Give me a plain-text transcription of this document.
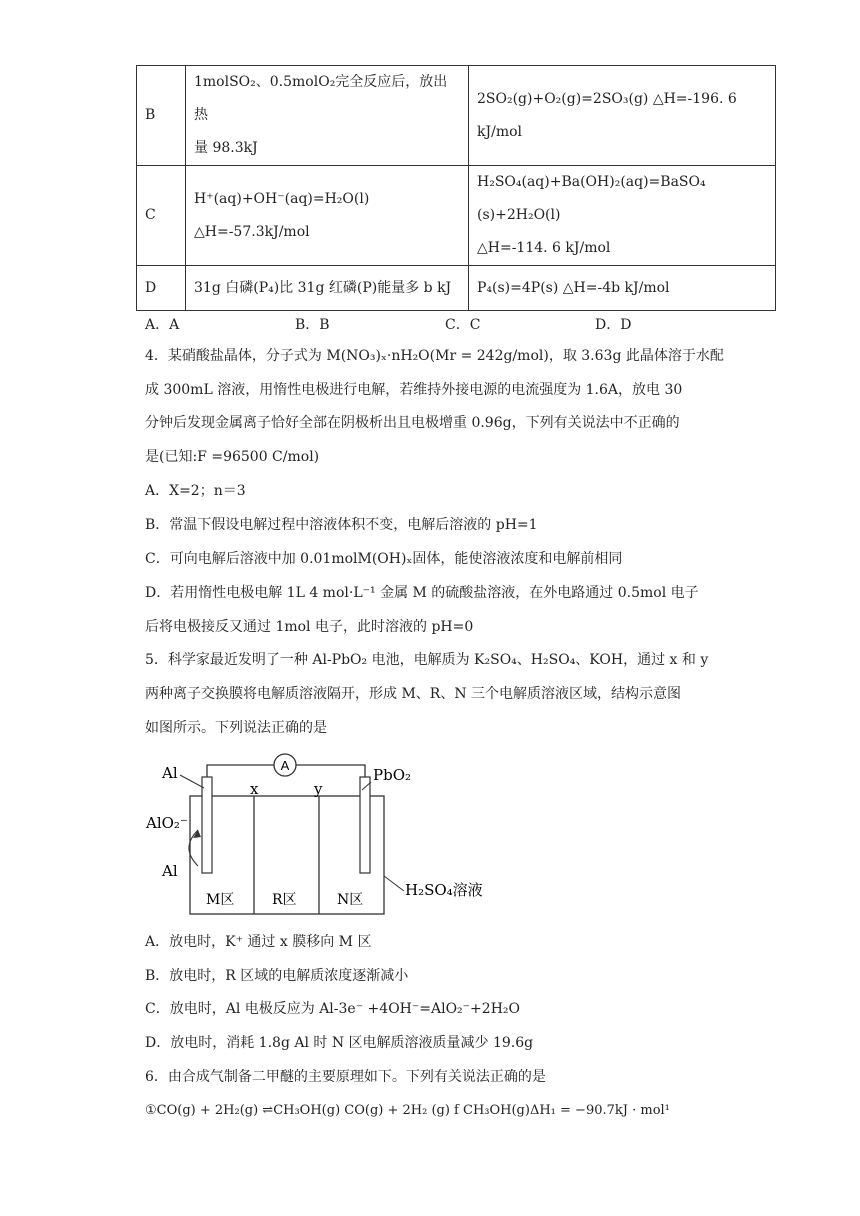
B	1molSO₂、0.5molO₂完全反应后，放出热
量 98.3kJ	2SO₂(g)+O₂(g)=2SO₃(g) △H=-196. 6 kJ/mol
C	H⁺(aq)+OH⁻(aq)=H₂O(l) △H=-57.3kJ/mol	H₂SO₄(aq)+Ba(OH)₂(aq)=BaSO₄ (s)+2H₂O(l)
△H=-114. 6 kJ/mol

D	31g 白磷(P₄)比 31g 红磷(P)能量多 b kJ	P₄(s)=4P(s) △H=-4b kJ/mol
A．A	B．B	C．C	D．D
4．某硝酸盐晶体，分子式为 M(NO₃)ₓ·nH₂O(Mr = 242g/mol)，取 3.63g 此晶体溶于水配
成 300mL 溶液，用惰性电极进行电解，若维持外接电源的电流强度为 1.6A，放电 30
分钟后发现金属离子恰好全部在阴极析出且电极增重 0.96g，下列有关说法中不正确的
是(已知:F =96500 C/mol)
A．X=2；n＝3
B．常温下假设电解过程中溶液体积不变，电解后溶液的 pH=1
C．可向电解后溶液中加 0.01molM(OH)ₓ固体，能使溶液浓度和电解前相同
D．若用惰性电极电解 1L 4 mol·L⁻¹ 金属 M 的硫酸盐溶液，在外电路通过 0.5mol 电子
后将电极接反又通过 1mol 电子，此时溶液的 pH=0
5．科学家最近发明了一种 Al-PbO₂ 电池，电解质为 K₂SO₄、H₂SO₄、KOH，通过 x 和 y
两种离子交换膜将电解质溶液隔开，形成 M、R、N 三个电解质溶液区域，结构示意图
如图所示。下列说法正确的是
A
Al	PbO₂
x	y
AlO₂⁻
Al
M区	R区	N区
H₂SO₄溶液
A．放电时，K⁺ 通过 x 膜移向 M 区
B．放电时，R 区域的电解质浓度逐渐减小
C．放电时，Al 电极反应为 Al-3e⁻ +4OH⁻=AlO₂⁻+2H₂O
D．放电时，消耗 1.8g Al 时 N 区电解质溶液质量减少 19.6g
6．由合成气制备二甲醚的主要原理如下。下列有关说法正确的是
①CO(g) + 2H₂(g) ⇌CH₃OH(g) CO(g) + 2H₂ (g) f CH₃OH(g)ΔH₁ = −90.7kJ · mol¹
